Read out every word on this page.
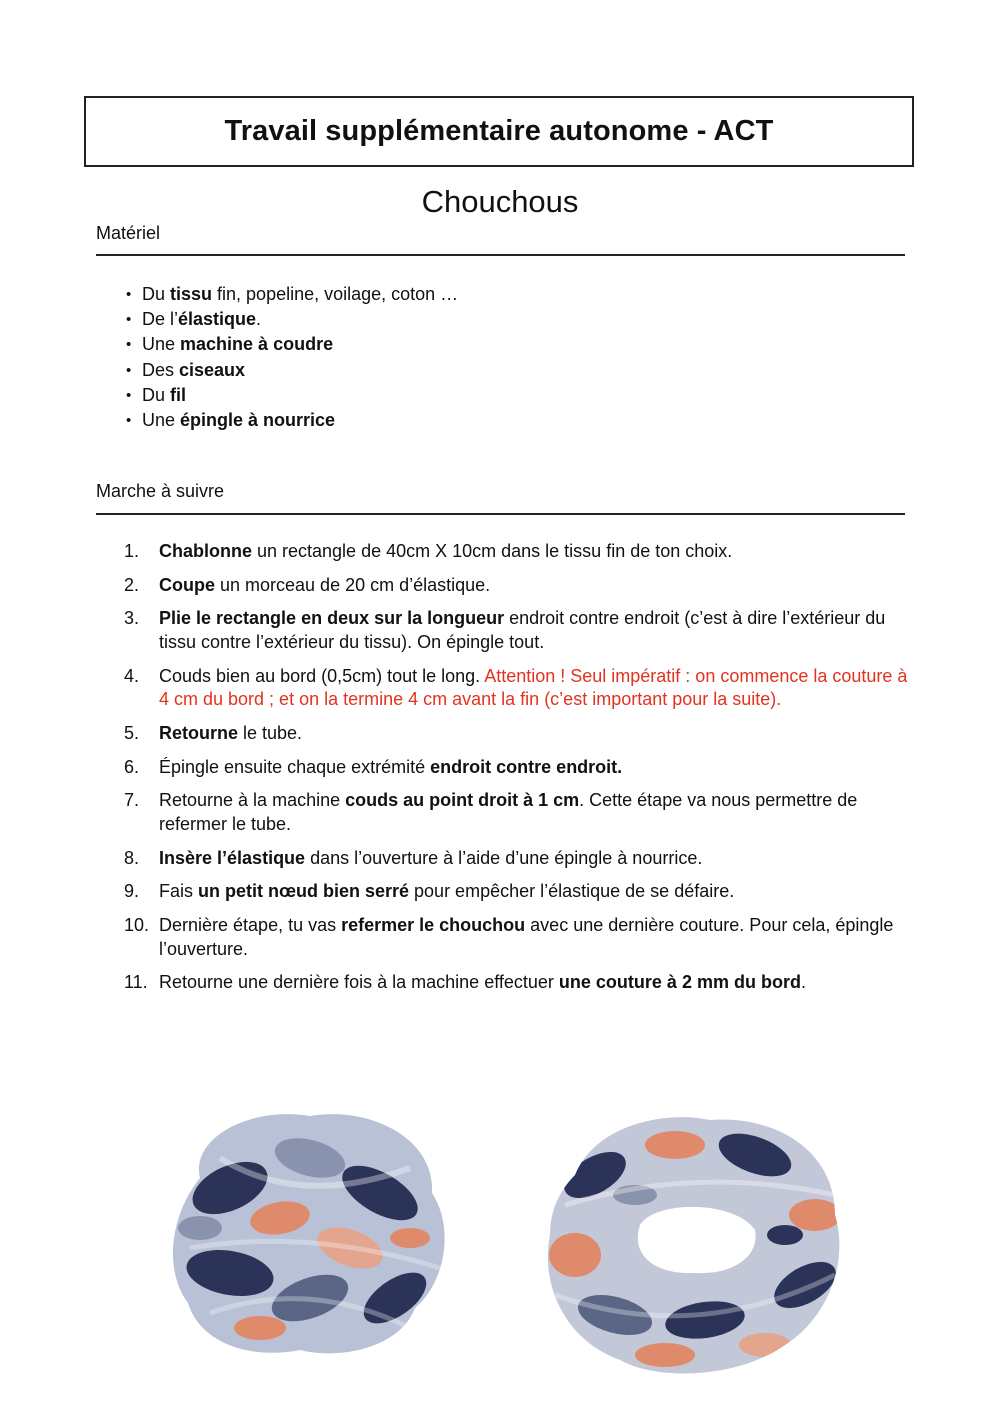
Travail supplémentaire autonome - ACT
Chouchous
Matériel
• Du tissu fin, popeline, voilage, coton …
• De l’élastique.
• Une machine à coudre
• Des ciseaux
• Du fil
• Une épingle à nourrice
Marche à suivre
1. Chablonne un rectangle de 40cm X 10cm dans le tissu fin de ton choix.
2. Coupe un morceau de 20 cm d’élastique.
3. Plie le rectangle en deux sur la longueur endroit contre endroit (c’est à dire l’extérieur du tissu contre l’extérieur du tissu). On épingle tout.
4. Couds bien au bord (0,5cm) tout le long. Attention ! Seul impératif : on commence la couture à 4 cm du bord ; et on la termine 4 cm avant la fin (c’est important pour la suite).
5. Retourne le tube.
6. Épingle ensuite chaque extrémité endroit contre endroit.
7. Retourne à la machine couds au point droit à 1 cm. Cette étape va nous permettre de refermer le tube.
8. Insère l’élastique dans l’ouverture à l’aide d’une épingle à nourrice.
9. Fais un petit nœud bien serré pour empêcher l’élastique de se défaire.
10. Dernière étape, tu vas refermer le chouchou avec une dernière couture. Pour cela, épingle l’ouverture.
11. Retourne une dernière fois à la machine effectuer une couture à 2 mm du bord.
